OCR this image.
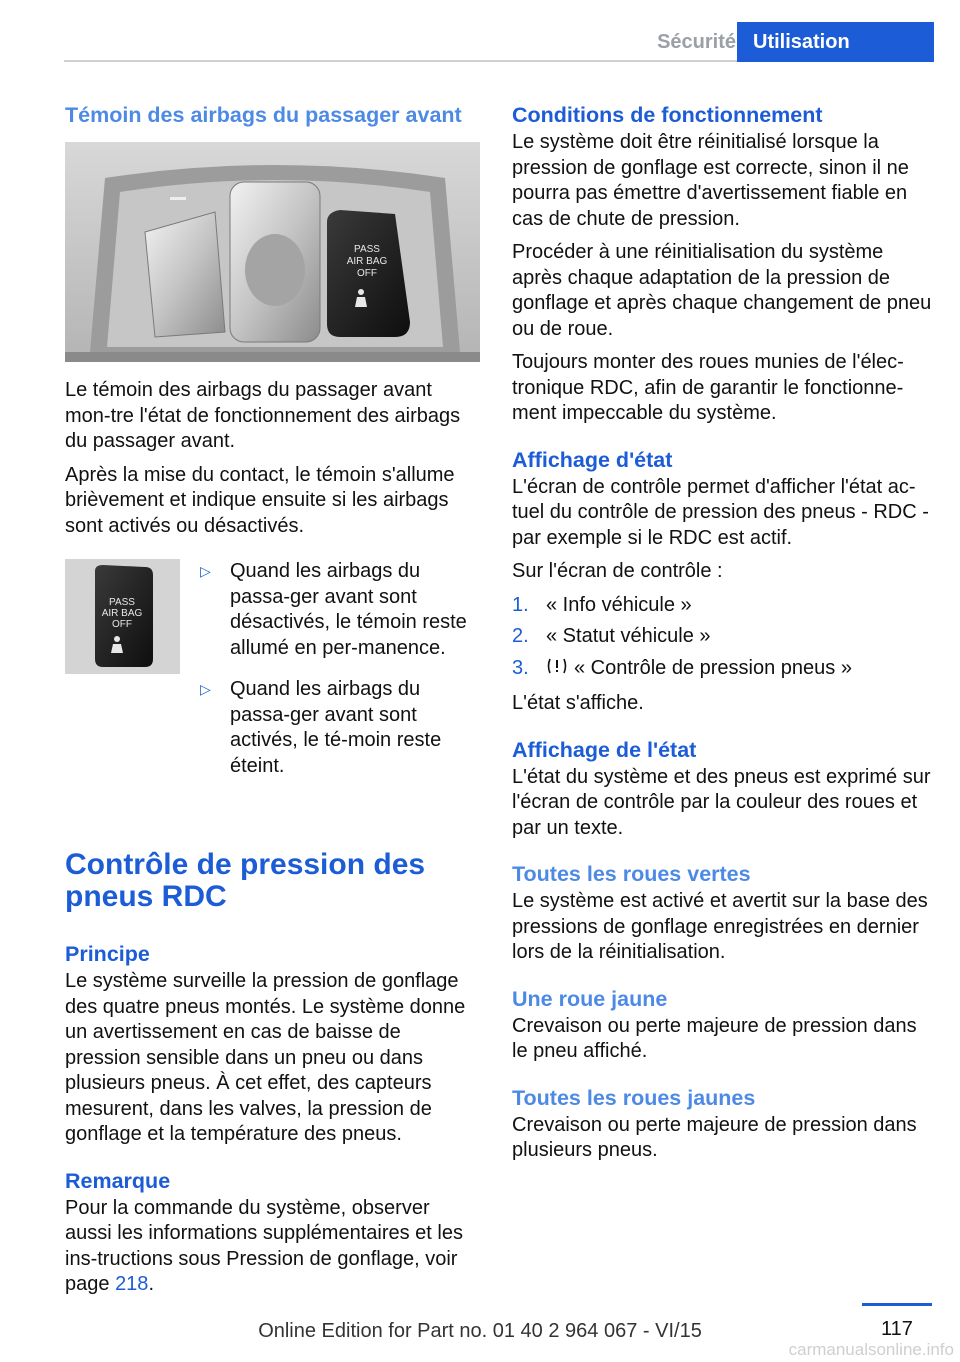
Sécurité Utilisation
Témoin des airbags du passager avant
PASS
AIR BAG
OFF

Le témoin des airbags du passager avant mon-tre l'état de fonctionnement des airbags du passager avant.

Après la mise du contact, le témoin s'allume brièvement et indique ensuite si les airbags sont activés ou désactivés.

PASS
AIR BAG
OFF
▷ Quand les airbags du passa-ger avant sont désactivés, le témoin reste allumé en per-manence.

▷ Quand les airbags du passa-ger avant sont activés, le té-moin reste éteint.

Contrôle de pression des pneus RDC
Principe

Le système surveille la pression de gonflage des quatre pneus montés. Le système donne un avertissement en cas de baisse de pression sensible dans un pneu ou dans plusieurs pneus. À cet effet, des capteurs mesurent, dans les valves, la pression de gonflage et la température des pneus.

Remarque

Pour la commande du système, observer aussi les informations supplémentaires et les ins-tructions sous Pression de gonflage, voir page 218.

Conditions de fonctionnement

Le système doit être réinitialisé lorsque la pression de gonflage est correcte, sinon il ne pourra pas émettre d'avertissement fiable en cas de chute de pression.

Procéder à une réinitialisation du système après chaque adaptation de la pression de gonflage et après chaque changement de pneu ou de roue.

Toujours monter des roues munies de l'élec-tronique RDC, afin de garantir le fonctionne-ment impeccable du système.

Affichage d'état

L'écran de contrôle permet d'afficher l'état ac-tuel du contrôle de pression des pneus - RDC - par exemple si le RDC est actif.

Sur l'écran de contrôle :

1. « Info véhicule »
2. « Statut véhicule »
3.	« Contrôle de pression pneus »

L'état s'affiche.

Affichage de l'état

L'état du système et des pneus est exprimé sur l'écran de contrôle par la couleur des roues et par un texte.

Toutes les roues vertes

Le système est activé et avertit sur la base des pressions de gonflage enregistrées en dernier lors de la réinitialisation.

Une roue jaune

Crevaison ou perte majeure de pression dans le pneu affiché.

Toutes les roues jaunes

Crevaison ou perte majeure de pression dans plusieurs pneus.

117
Online Edition for Part no. 01 40 2 964 067 - VI/15
carmanualsonline.info
